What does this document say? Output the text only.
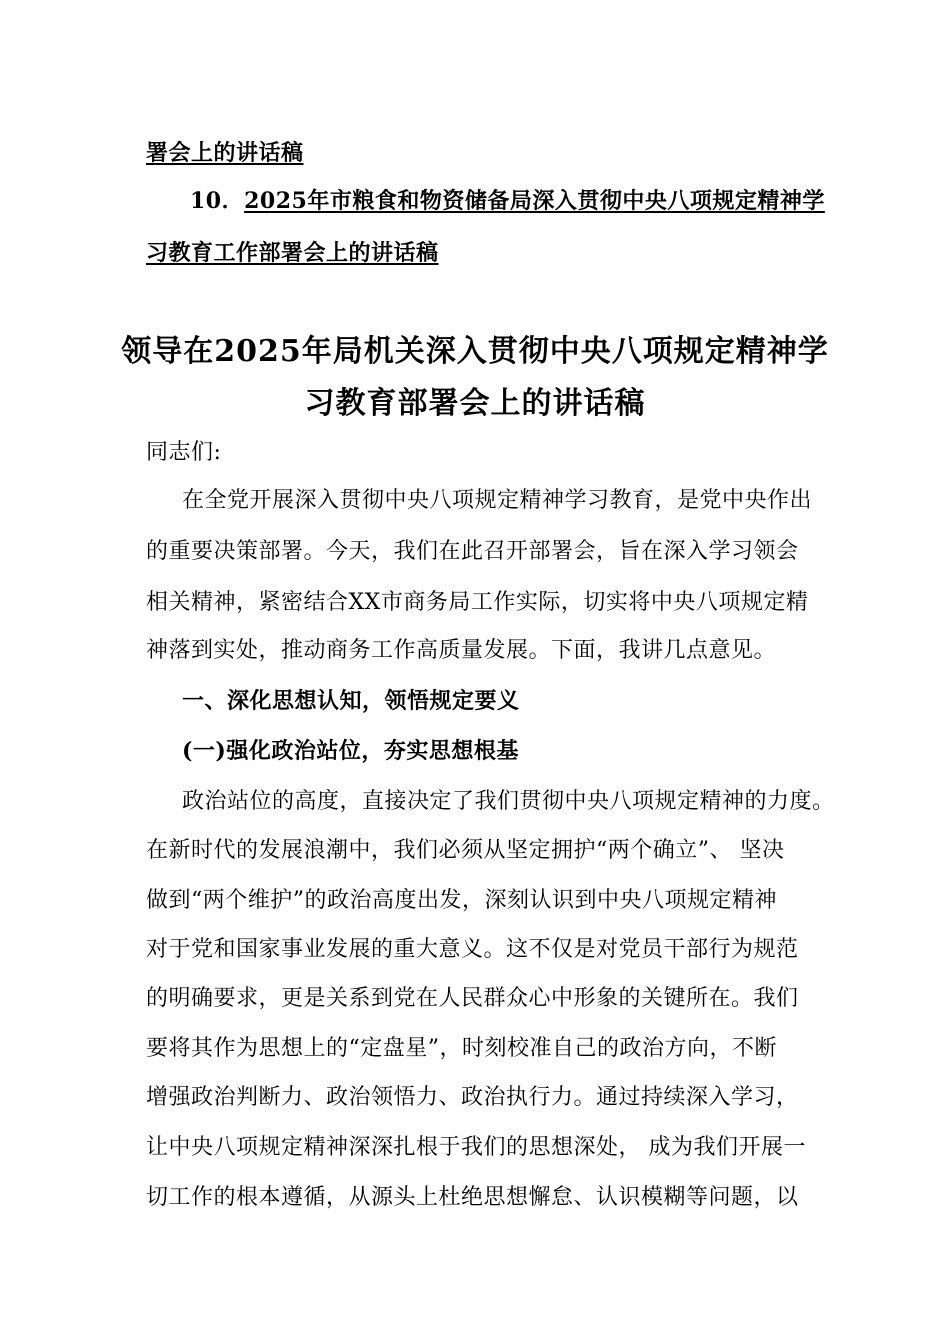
署会上的讲话稿
10．2025年市粮食和物资储备局深入贯彻中央八项规定精神学
习教育工作部署会上的讲话稿
领导在2025年局机关深入贯彻中央八项规定精神学
习教育部署会上的讲话稿
同志们:
在全党开展深入贯彻中央八项规定精神学习教育，是党中央作出
的重要决策部署。今天，我们在此召开部署会，旨在深入学习领会
相关精神，紧密结合XX市商务局工作实际，切实将中央八项规定精
神落到实处，推动商务工作高质量发展。下面，我讲几点意见。
一、深化思想认知，领悟规定要义
(一)强化政治站位，夯实思想根基
政治站位的高度，直接决定了我们贯彻中央八项规定精神的力度。
在新时代的发展浪潮中，我们必须从坚定拥护“两个确立”、 坚决
做到“两个维护”的政治高度出发，深刻认识到中央八项规定精神
对于党和国家事业发展的重大意义。这不仅是对党员干部行为规范
的明确要求，更是关系到党在人民群众心中形象的关键所在。我们
要将其作为思想上的“定盘星”，时刻校准自己的政治方向，不断
增强政治判断力、政治领悟力、政治执行力。通过持续深入学习，
让中央八项规定精神深深扎根于我们的思想深处， 成为我们开展一
切工作的根本遵循，从源头上杜绝思想懈怠、认识模糊等问题，以
